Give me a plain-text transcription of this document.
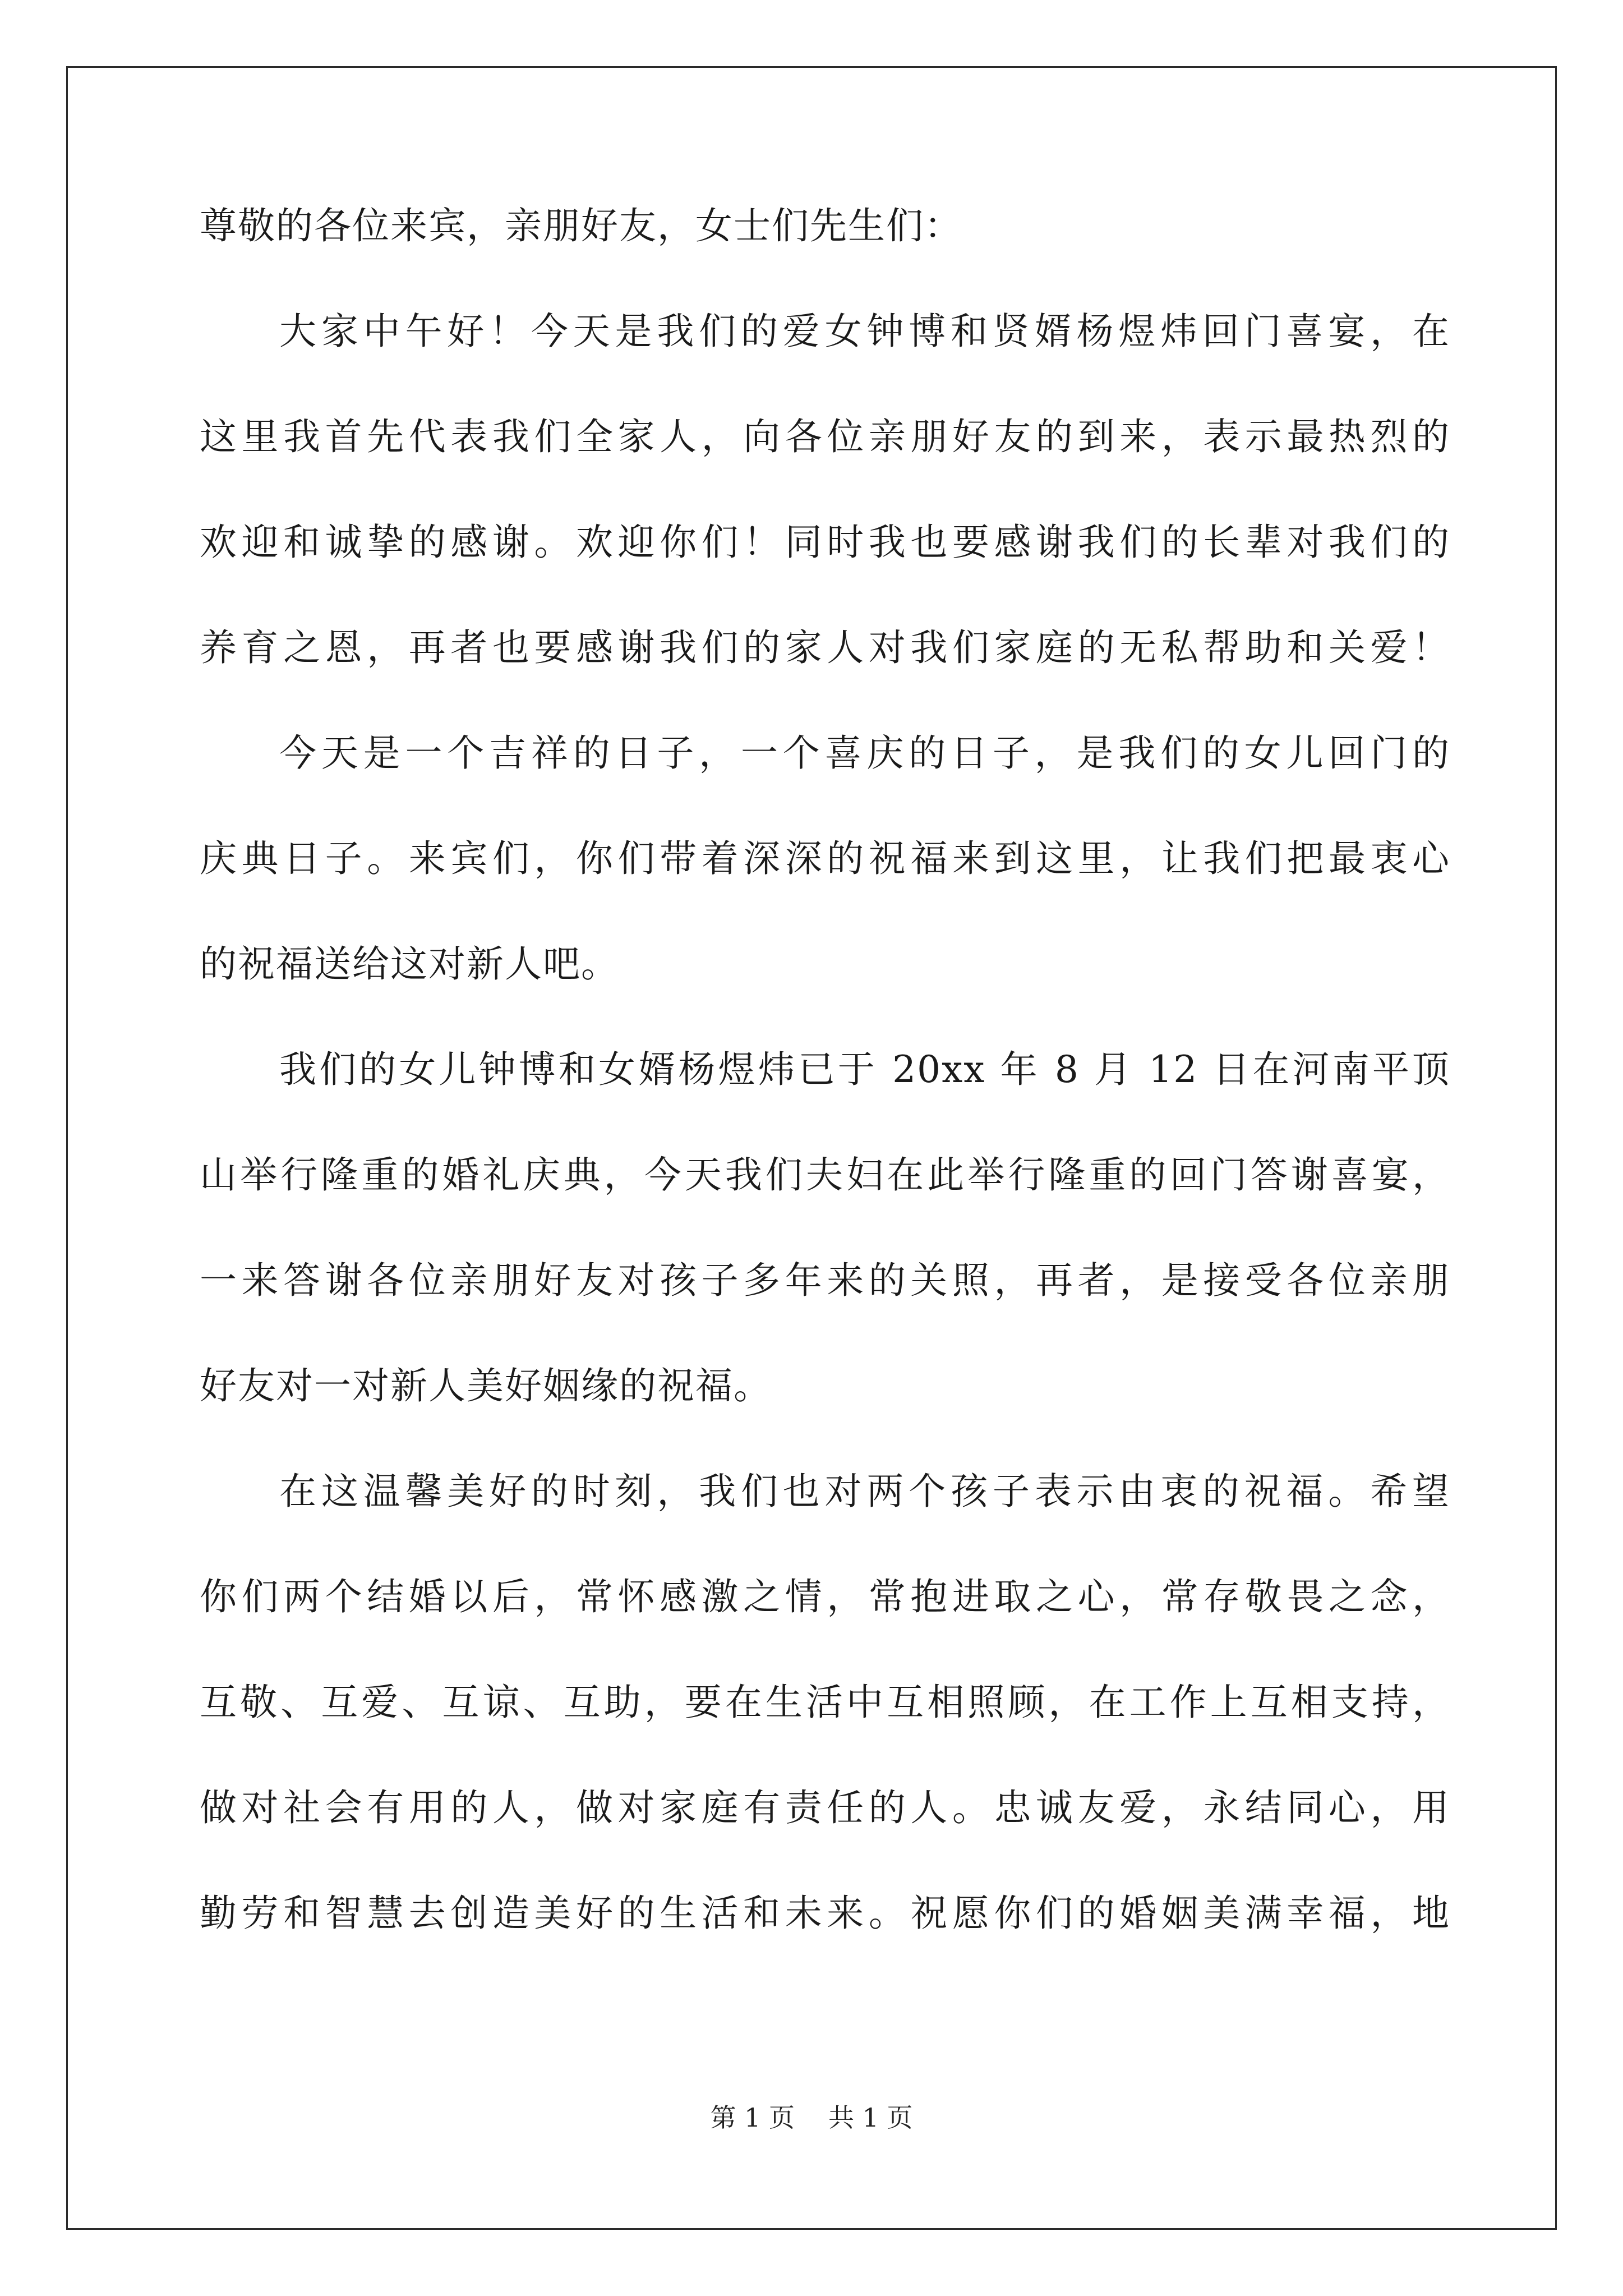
尊敬的各位来宾，亲朋好友，女士们先生们：
大家中午好！今天是我们的爱女钟博和贤婿杨煜炜回门喜宴，在
这里我首先代表我们全家人，向各位亲朋好友的到来，表示最热烈的
欢迎和诚挚的感谢。欢迎你们！同时我也要感谢我们的长辈对我们的
养育之恩，再者也要感谢我们的家人对我们家庭的无私帮助和关爱！
今天是一个吉祥的日子，一个喜庆的日子，是我们的女儿回门的
庆典日子。来宾们，你们带着深深的祝福来到这里，让我们把最衷心
的祝福送给这对新人吧。
我们的女儿钟博和女婿杨煜炜已于 20xx 年 8 月 12 日在河南平顶
山举行隆重的婚礼庆典，今天我们夫妇在此举行隆重的回门答谢喜宴，
一来答谢各位亲朋好友对孩子多年来的关照，再者，是接受各位亲朋
好友对一对新人美好姻缘的祝福。
在这温馨美好的时刻，我们也对两个孩子表示由衷的祝福。希望
你们两个结婚以后，常怀感激之情，常抱进取之心，常存敬畏之念，
互敬、互爱、互谅、互助，要在生活中互相照顾，在工作上互相支持，
做对社会有用的人，做对家庭有责任的人。忠诚友爱，永结同心，用
勤劳和智慧去创造美好的生活和未来。祝愿你们的婚姻美满幸福，地
第 1 页 共 1 页
